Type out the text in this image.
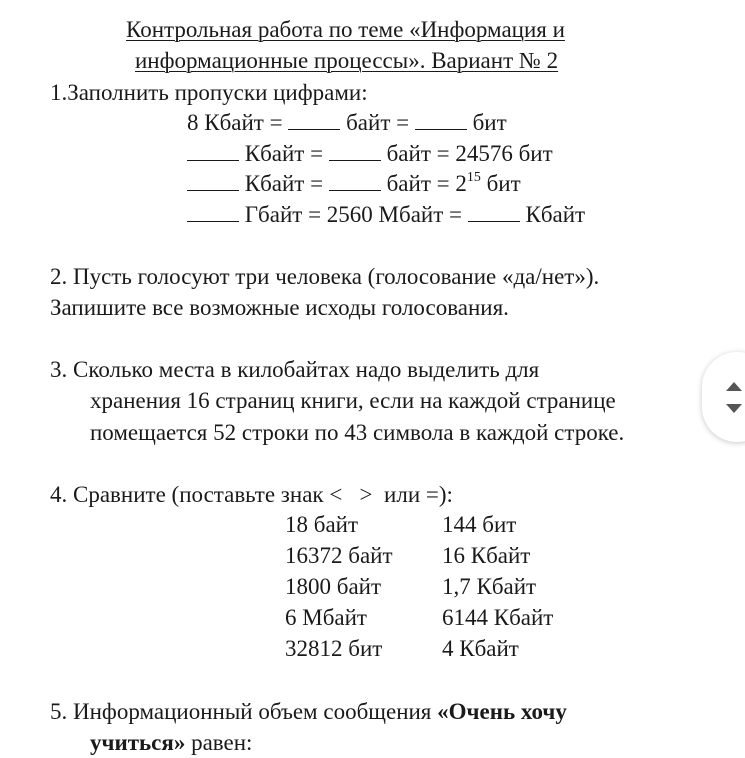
Контрольная работа по теме «Информация и
информационные процессы». Вариант № 2
1.Заполнить пропуски цифрами:
8 Кбайт =	байт =	бит
Кбайт =	байт = 24576 бит
Кбайт =	байт = $2^{15}$ бит
Гбайт = 2560 Мбайт =	Кбайт
2. Пусть голосуют три человека (голосование «да/нет»).
Запишите все возможные исходы голосования.
3. Сколько места в килобайтах надо выделить для
хранения 16 страниц книги, если на каждой странице
помещается 52 строки по 43 символа в каждой строке.
4. Сравните (поставьте знак <   >  или =):
18 байт	144 бит
16372 байт 16 Кбайт
1800 байт	1,7 Кбайт
6 Мбайт	6144 Кбайт
32812 бит	4 Кбайт
5. Информационный объем сообщения «Очень хочу
учиться» равен:
